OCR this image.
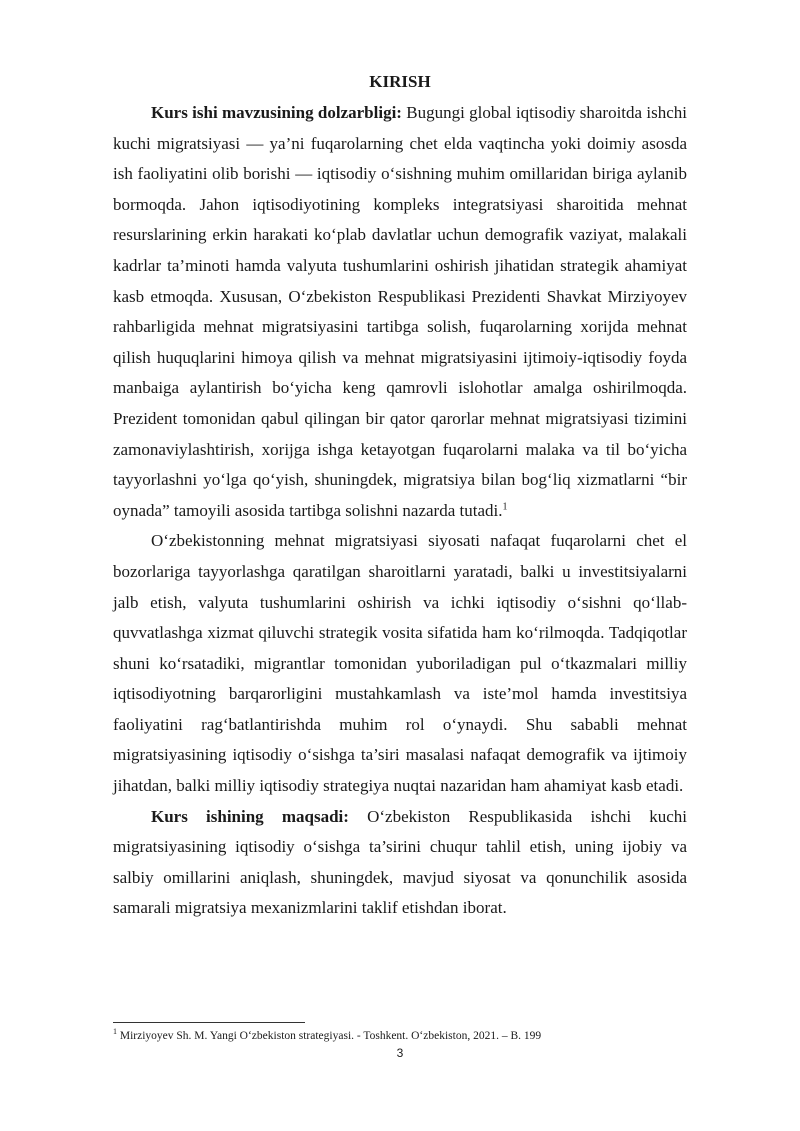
KIRISH

Kurs ishi mavzusining dolzarbligi: Bugungi global iqtisodiy sharoitda ishchi kuchi migratsiyasi — ya’ni fuqarolarning chet elda vaqtincha yoki doimiy asosda ish faoliyatini olib borishi — iqtisodiy o‘sishning muhim omillaridan biriga aylanib bormoqda. Jahon iqtisodiyotining kompleks integratsiyasi sharoitida mehnat resurslarining erkin harakati ko‘plab davlatlar uchun demografik vaziyat, malakali kadrlar ta’minoti hamda valyuta tushumlarini oshirish jihatidan strategik ahamiyat kasb etmoqda. Xususan, O‘zbekiston Respublikasi Prezidenti Shavkat Mirziyoyev rahbarligida mehnat migratsiyasini tartibga solish, fuqarolarning xorijda mehnat qilish huquqlarini himoya qilish va mehnat migratsiyasini ijtimoiy-iqtisodiy foyda manbaiga aylantirish bo‘yicha keng qamrovli islohotlar amalga oshirilmoqda. Prezident tomonidan qabul qilingan bir qator qarorlar mehnat migratsiyasi tizimini zamonaviylashtirish, xorijga ishga ketayotgan fuqarolarni malaka va til bo‘yicha tayyorlashni yo‘lga qo‘yish, shuningdek, migratsiya bilan bog‘liq xizmatlarni “bir oynada” tamoyili asosida tartibga solishni nazarda tutadi.$^1$

O‘zbekistonning mehnat migratsiyasi siyosati nafaqat fuqarolarni chet el bozorlariga tayyorlashga qaratilgan sharoitlarni yaratadi, balki u investitsiyalarni jalb etish, valyuta tushumlarini oshirish va ichki iqtisodiy o‘sishni qo‘llab-quvvatlashga xizmat qiluvchi strategik vosita sifatida ham ko‘rilmoqda. Tadqiqotlar shuni ko‘rsatadiki, migrantlar tomonidan yuboriladigan pul o‘tkazmalari milliy iqtisodiyotning barqarorligini mustahkamlash va iste’mol hamda investitsiya faoliyatini rag‘batlantirishda muhim rol o‘ynaydi. Shu sababli mehnat migratsiyasining iqtisodiy o‘sishga ta’siri masalasi nafaqat demografik va ijtimoiy jihatdan, balki milliy iqtisodiy strategiya nuqtai nazaridan ham ahamiyat kasb etadi.

Kurs ishining maqsadi: O‘zbekiston Respublikasida ishchi kuchi migratsiyasining iqtisodiy o‘sishga ta’sirini chuqur tahlil etish, uning ijobiy va salbiy omillarini aniqlash, shuningdek, mavjud siyosat va qonunchilik asosida samarali migratsiya mexanizmlarini taklif etishdan iborat.

$^1$ Mirziyoyev Sh. M. Yangi O‘zbekiston strategiyasi. - Toshkent. O‘zbekiston, 2021. – B. 199
3
